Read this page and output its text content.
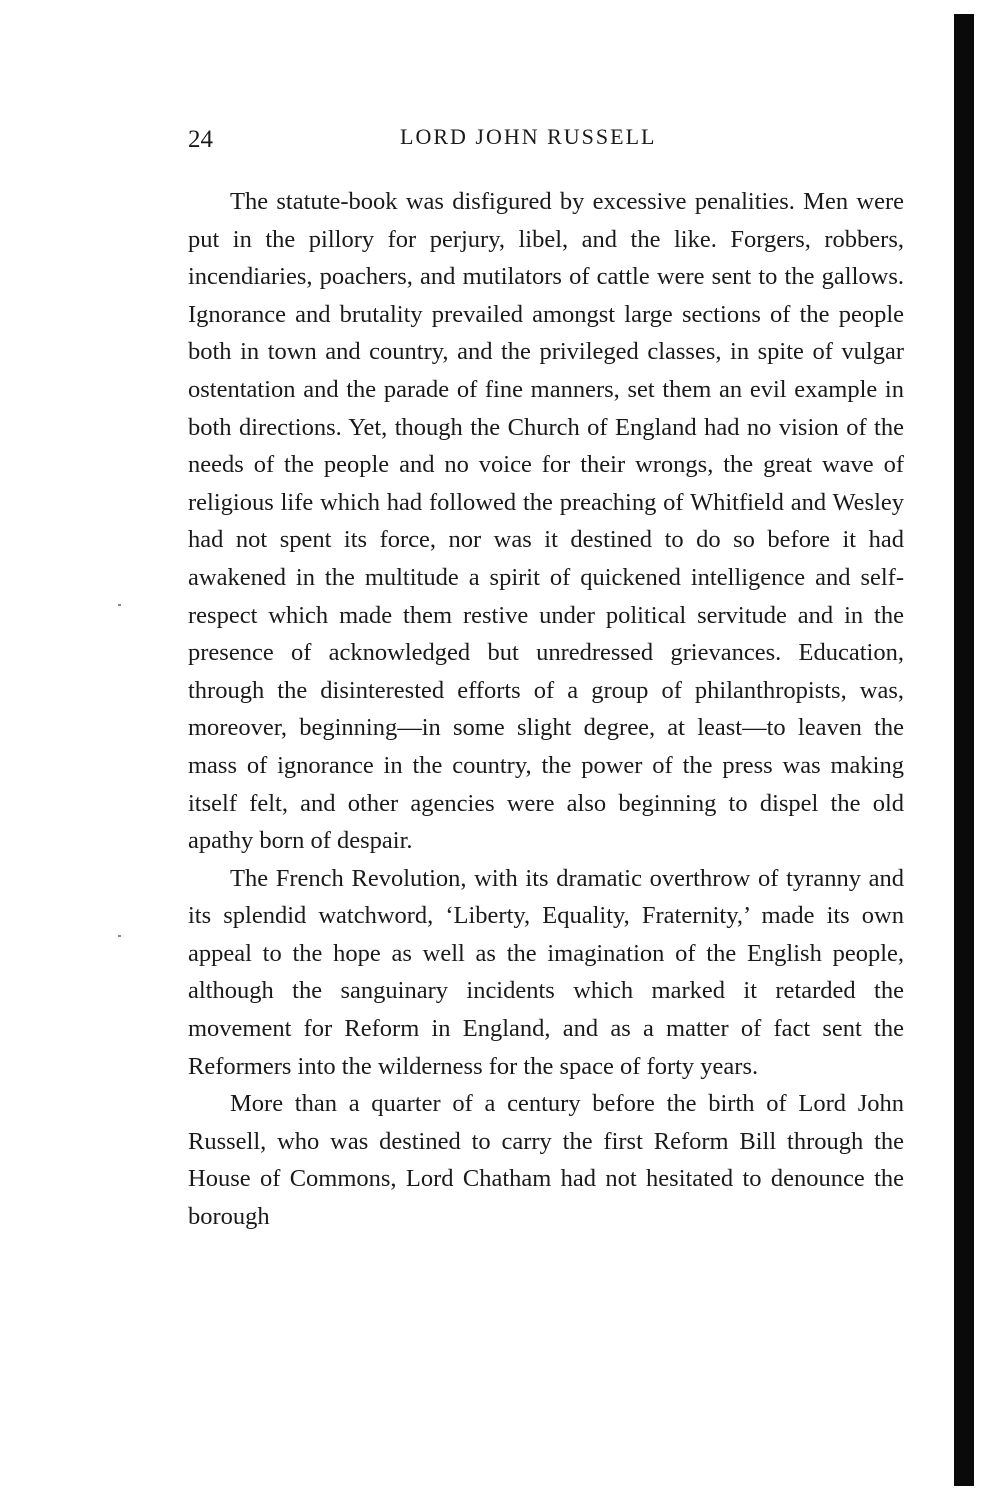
24	LORD JOHN RUSSELL

The statute-book was disfigured by excessive penalities. Men were put in the pillory for perjury, libel, and the like. Forgers, robbers, incendiaries, poachers, and mutilators of cattle were sent to the gallows. Ignorance and brutality prevailed amongst large sections of the people both in town and country, and the privileged classes, in spite of vulgar ostentation and the parade of fine manners, set them an evil example in both directions. Yet, though the Church of England had no vision of the needs of the people and no voice for their wrongs, the great wave of religious life which had followed the preaching of Whitfield and Wesley had not spent its force, nor was it destined to do so before it had awakened in the multitude a spirit of quickened intelligence and self-respect which made them restive under political servitude and in the presence of acknowledged but unredressed grievances. Education, through the disinterested efforts of a group of philanthropists, was, moreover, beginning—in some slight degree, at least—to leaven the mass of ignorance in the country, the power of the press was making itself felt, and other agencies were also beginning to dispel the old apathy born of despair.

The French Revolution, with its dramatic overthrow of tyranny and its splendid watchword, ‘Liberty, Equality, Fraternity,’ made its own appeal to the hope as well as the imagination of the English people, although the sanguinary incidents which marked it retarded the movement for Reform in England, and as a matter of fact sent the Reformers into the wilderness for the space of forty years.

More than a quarter of a century before the birth of Lord John Russell, who was destined to carry the first Reform Bill through the House of Commons, Lord Chatham had not hesitated to denounce the borough
